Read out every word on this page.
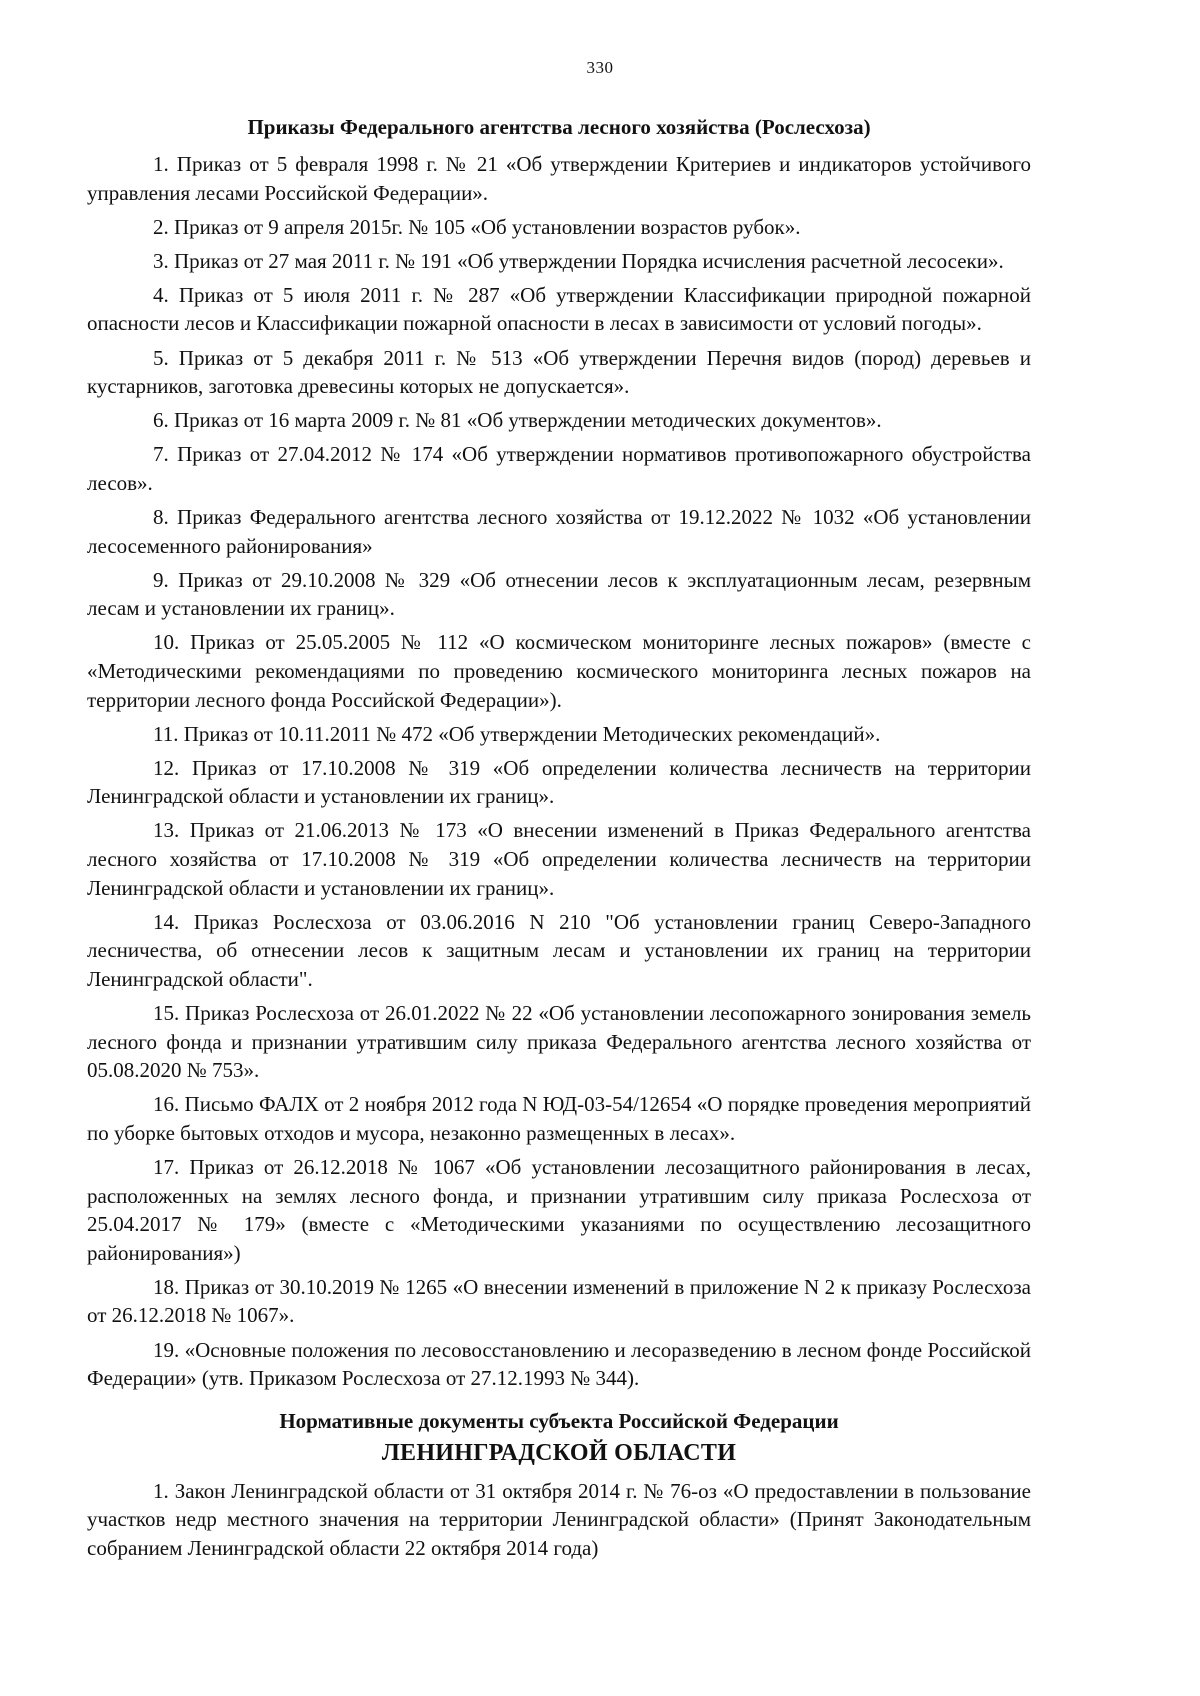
330
Приказы Федерального агентства лесного хозяйства (Рослесхоза)

1. Приказ от 5 февраля 1998 г. № 21 «Об утверждении Критериев и индикаторов устойчивого управления лесами Российской Федерации».

2. Приказ от 9 апреля 2015г. № 105 «Об установлении возрастов рубок».

3. Приказ от 27 мая 2011 г. № 191 «Об утверждении Порядка исчисления расчетной лесосеки».

4. Приказ от 5 июля 2011 г. № 287 «Об утверждении Классификации природной пожарной опасности лесов и Классификации пожарной опасности в лесах в зависимости от условий погоды».

5. Приказ от 5 декабря 2011 г. № 513 «Об утверждении Перечня видов (пород) деревьев и кустарников, заготовка древесины которых не допускается».

6. Приказ от 16 марта 2009 г. № 81 «Об утверждении методических документов».

7. Приказ от 27.04.2012 № 174 «Об утверждении нормативов противопожарного обустройства лесов».

8. Приказ Федерального агентства лесного хозяйства от 19.12.2022 № 1032 «Об установлении лесосеменного районирования»

9. Приказ от 29.10.2008 № 329 «Об отнесении лесов к эксплуатационным лесам, резервным лесам и установлении их границ».

10. Приказ от 25.05.2005 № 112 «О космическом мониторинге лесных пожаров» (вместе с «Методическими рекомендациями по проведению космического мониторинга лесных пожаров на территории лесного фонда Российской Федерации»).

11. Приказ от 10.11.2011 № 472 «Об утверждении Методических рекомендаций».

12. Приказ от 17.10.2008 № 319 «Об определении количества лесничеств на территории Ленинградской области и установлении их границ».

13. Приказ от 21.06.2013 № 173 «О внесении изменений в Приказ Федерального агентства лесного хозяйства от 17.10.2008 № 319 «Об определении количества лесничеств на территории Ленинградской области и установлении их границ».

14. Приказ Рослесхоза от 03.06.2016 N 210 "Об установлении границ Северо-Западного лесничества, об отнесении лесов к защитным лесам и установлении их границ на территории Ленинградской области".

15. Приказ Рослесхоза от 26.01.2022 № 22 «Об установлении лесопожарного зонирования земель лесного фонда и признании утратившим силу приказа Федерального агентства лесного хозяйства от 05.08.2020 № 753».

16. Письмо ФАЛХ от 2 ноября 2012 года N ЮД-03-54/12654 «О порядке проведения мероприятий по уборке бытовых отходов и мусора, незаконно размещенных в лесах».

17. Приказ от 26.12.2018 № 1067 «Об установлении лесозащитного районирования в лесах, расположенных на землях лесного фонда, и признании утратившим силу приказа Рослесхоза от 25.04.2017 № 179» (вместе с «Методическими указаниями по осуществлению лесозащитного районирования»)

18. Приказ от 30.10.2019 № 1265 «О внесении изменений в приложение N 2 к приказу Рослесхоза от 26.12.2018 № 1067».

19. «Основные положения по лесовосстановлению и лесоразведению в лесном фонде Российской Федерации» (утв. Приказом Рослесхоза от 27.12.1993 № 344).

Нормативные документы субъекта Российской Федерации
ЛЕНИНГРАДСКОЙ ОБЛАСТИ

1. Закон Ленинградской области от 31 октября 2014 г. № 76-оз «О предоставлении в пользование участков недр местного значения на территории Ленинградской области» (Принят Законодательным собранием Ленинградской области 22 октября 2014 года)
